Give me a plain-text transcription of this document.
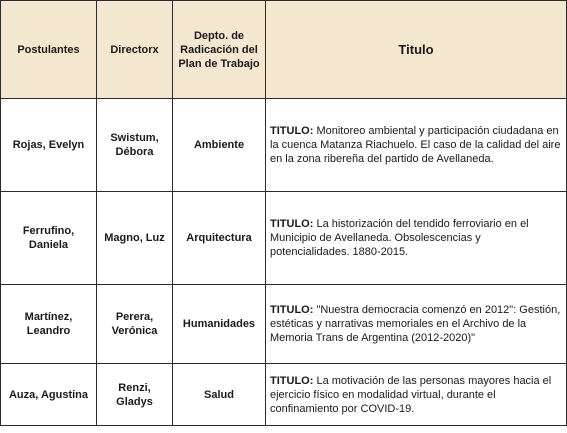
Postulantes	Directorx	Depto. de Radicación del Plan de Trabajo	Titulo
Rojas, Evelyn	Swistum, Débora	Ambiente	TITULO: Monitoreo ambiental y participación ciudadana en la cuenca Matanza Riachuelo. El caso de la calidad del aire en la zona ribereña del partido de Avellaneda.
Ferrufino, Daniela	Magno, Luz	Arquitectura	TITULO: La historización del tendido ferroviario en el Municipio de Avellaneda. Obsolescencias y potencialidades. 1880-2015.
Martínez, Leandro	Perera, Verónica	Humanidades	TITULO: "Nuestra democracia comenzó en 2012": Gestión, estéticas y narrativas memoriales en el Archivo de la Memoria Trans de Argentina (2012-2020)"
Auza, Agustina	Renzi, Gladys	Salud	TITULO: La motivación de las personas mayores hacia el ejercicio físico en modalidad virtual, durante el confinamiento por COVID-19.
